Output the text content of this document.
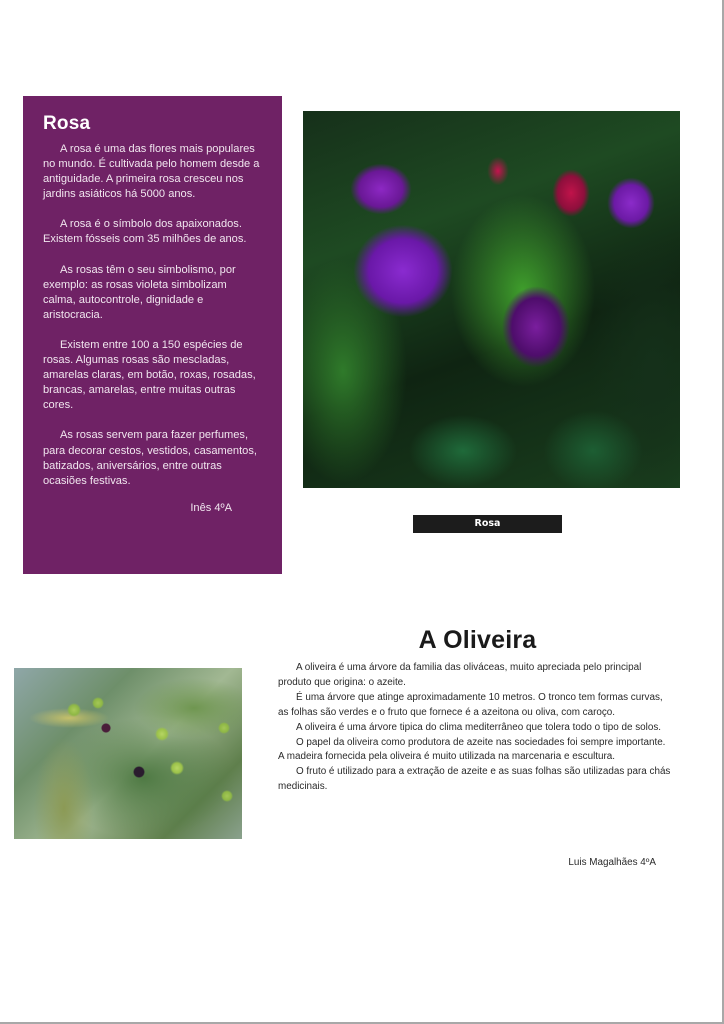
Rosa

A rosa é uma das flores mais populares no mundo. É cultivada pelo homem desde a antiguidade. A primeira rosa cresceu nos jardins asiáticos há 5000 anos.

A rosa é o símbolo dos apaixonados. Existem fósseis com 35 milhões de anos.

As rosas têm o seu simbolismo, por exemplo: as rosas violeta simbolizam calma, autocontrole, dignidade e aristocracia.

Existem entre 100 a 150 espécies de rosas. Algumas rosas são mescladas, amarelas claras, em botão, roxas, rosadas, brancas, amarelas, entre muitas outras cores.

As rosas servem para fazer perfumes, para decorar cestos, vestidos, casamentos, batizados, aniversários, entre outras ocasiões festivas.

Inês 4ºA
Rosa
A Oliveira

A oliveira é uma árvore da familia das oliváceas, muito apreciada pelo principal produto que origina: o azeite.

É uma árvore que atinge aproximadamente 10 metros. O tronco tem formas curvas, as folhas são verdes e o fruto que fornece é a azeitona ou oliva, com caroço.

A oliveira é uma árvore tipica do clima mediterrâneo que tolera todo o tipo de solos.

O papel da oliveira como produtora de azeite nas sociedades foi sempre importante. A madeira fornecida pela oliveira é muito utilizada na marcenaria e escultura.

O fruto é utilizado para a extração de azeite e as suas folhas são utilizadas para chás medicinais.

Luis Magalhães 4ºA
